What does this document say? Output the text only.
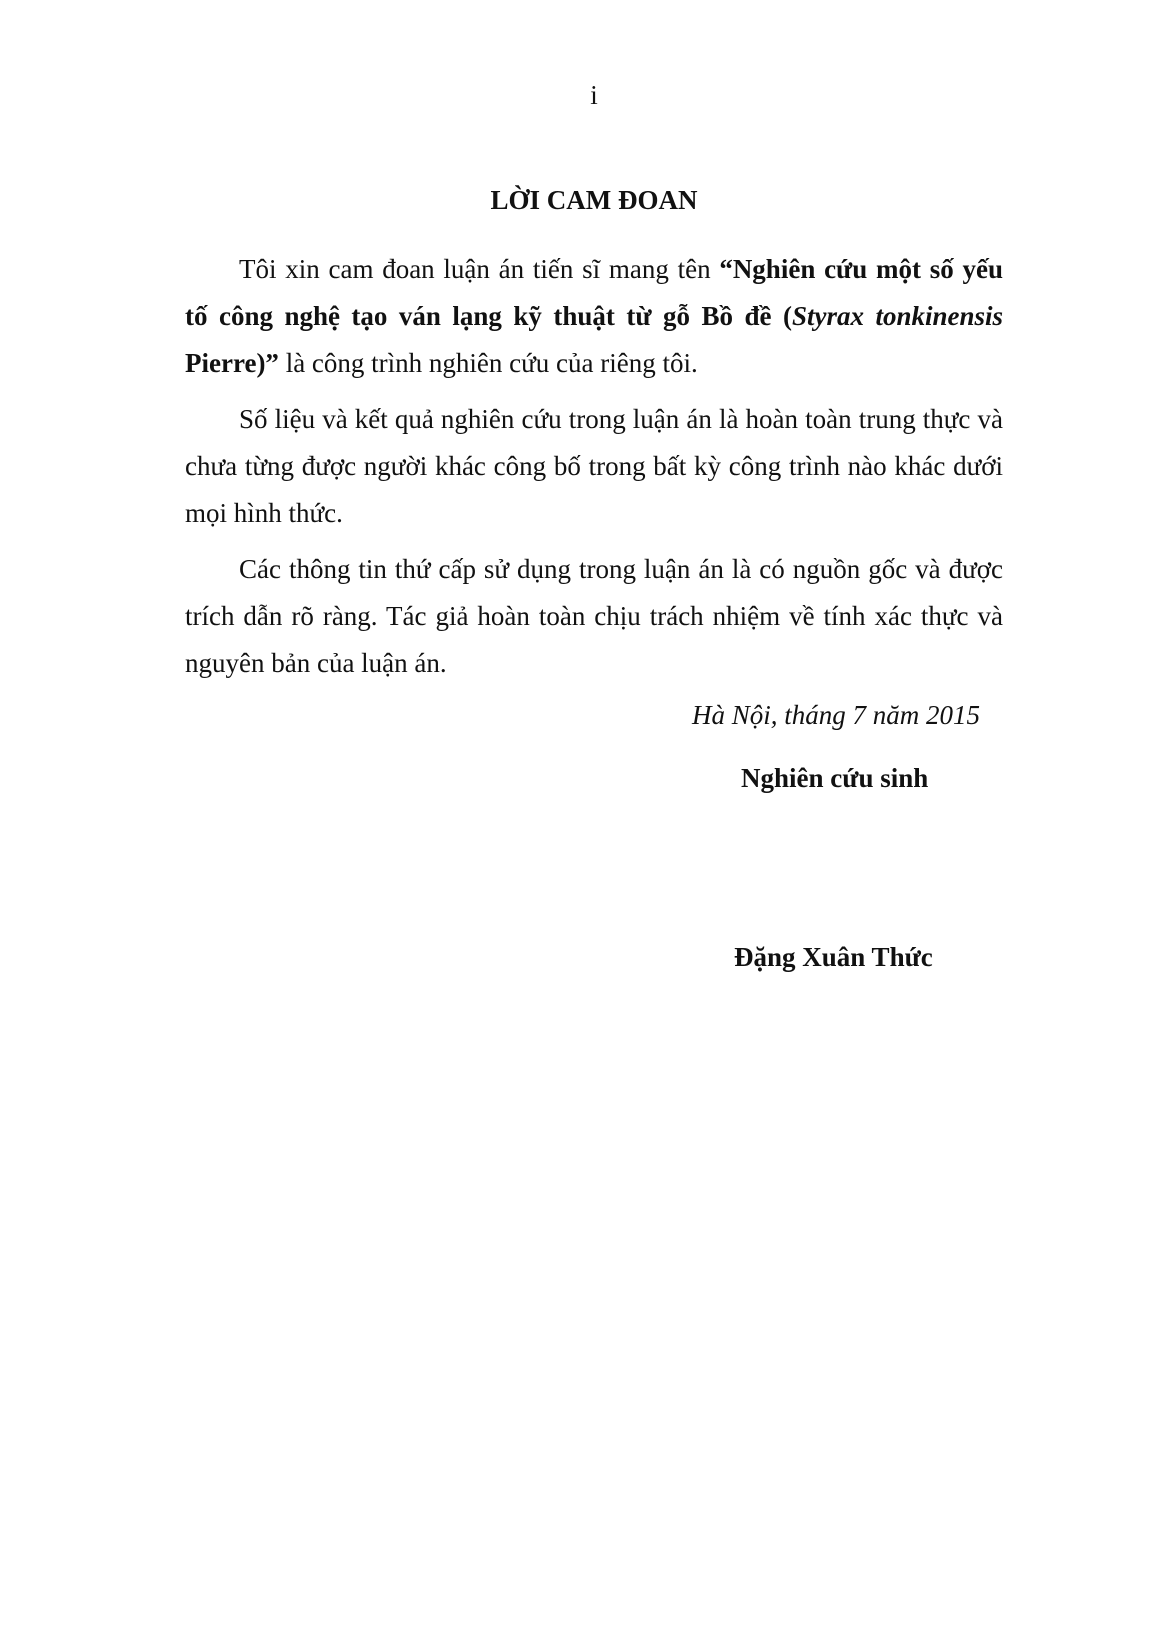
i
LỜI CAM ĐOAN

Tôi xin cam đoan luận án tiến sĩ mang tên “Nghiên cứu một số yếu tố công nghệ tạo ván lạng kỹ thuật từ gỗ Bồ đề (Styrax tonkinensis Pierre)” là công trình nghiên cứu của riêng tôi.

Số liệu và kết quả nghiên cứu trong luận án là hoàn toàn trung thực và chưa từng được người khác công bố trong bất kỳ công trình nào khác dưới mọi hình thức.

Các thông tin thứ cấp sử dụng trong luận án là có nguồn gốc và được trích dẫn rõ ràng. Tác giả hoàn toàn chịu trách nhiệm về tính xác thực và nguyên bản của luận án.

Hà Nội, tháng 7 năm 2015
Nghiên cứu sinh
Đặng Xuân Thức
